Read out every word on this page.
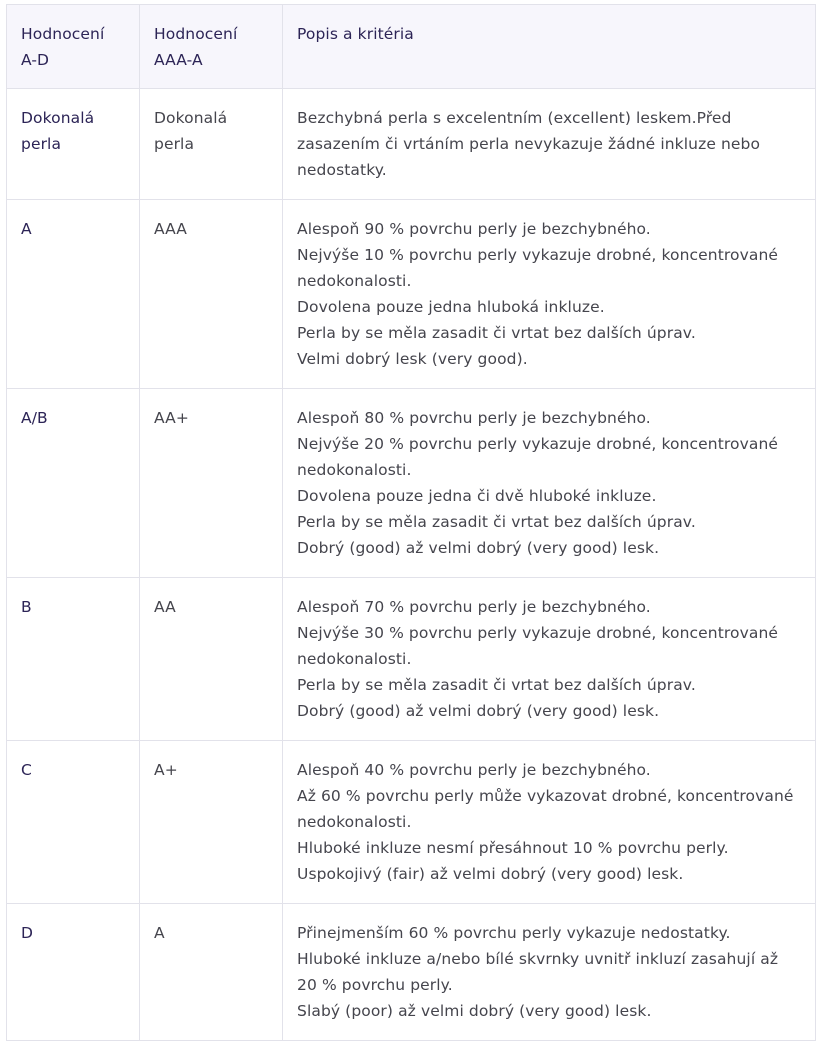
Hodnocení A-D	Hodnocení AAA-A	Popis a kritéria
Dokonalá perla	Dokonalá perla	Bezchybná perla s excelentním (excellent) leskem.Před zasazením či vrtáním perla nevykazuje žádné inkluze nebo nedostatky.

A	AAA	Alespoň 90 % povrchu perly je bezchybného.
Nejvýše 10 % povrchu perly vykazuje drobné, koncentrované nedokonalosti.
Dovolena pouze jedna hluboká inkluze.
Perla by se měla zasadit či vrtat bez dalších úprav.
Velmi dobrý lesk (very good).

A/B	AA+	Alespoň 80 % povrchu perly je bezchybného.
Nejvýše 20 % povrchu perly vykazuje drobné, koncentrované nedokonalosti.
Dovolena pouze jedna či dvě hluboké inkluze.
Perla by se měla zasadit či vrtat bez dalších úprav.
Dobrý (good) až velmi dobrý (very good) lesk.

B	AA	Alespoň 70 % povrchu perly je bezchybného.
Nejvýše 30 % povrchu perly vykazuje drobné, koncentrované nedokonalosti.
Perla by se měla zasadit či vrtat bez dalších úprav.
Dobrý (good) až velmi dobrý (very good) lesk.

C	A+	Alespoň 40 % povrchu perly je bezchybného.
Až 60 % povrchu perly může vykazovat drobné, koncentrované nedokonalosti.
Hluboké inkluze nesmí přesáhnout 10 % povrchu perly.
Uspokojivý (fair) až velmi dobrý (very good) lesk.

D	A	Přinejmenším 60 % povrchu perly vykazuje nedostatky.
Hluboké inkluze a/nebo bílé skvrnky uvnitř inkluzí zasahují až 20 % povrchu perly.
Slabý (poor) až velmi dobrý (very good) lesk.
